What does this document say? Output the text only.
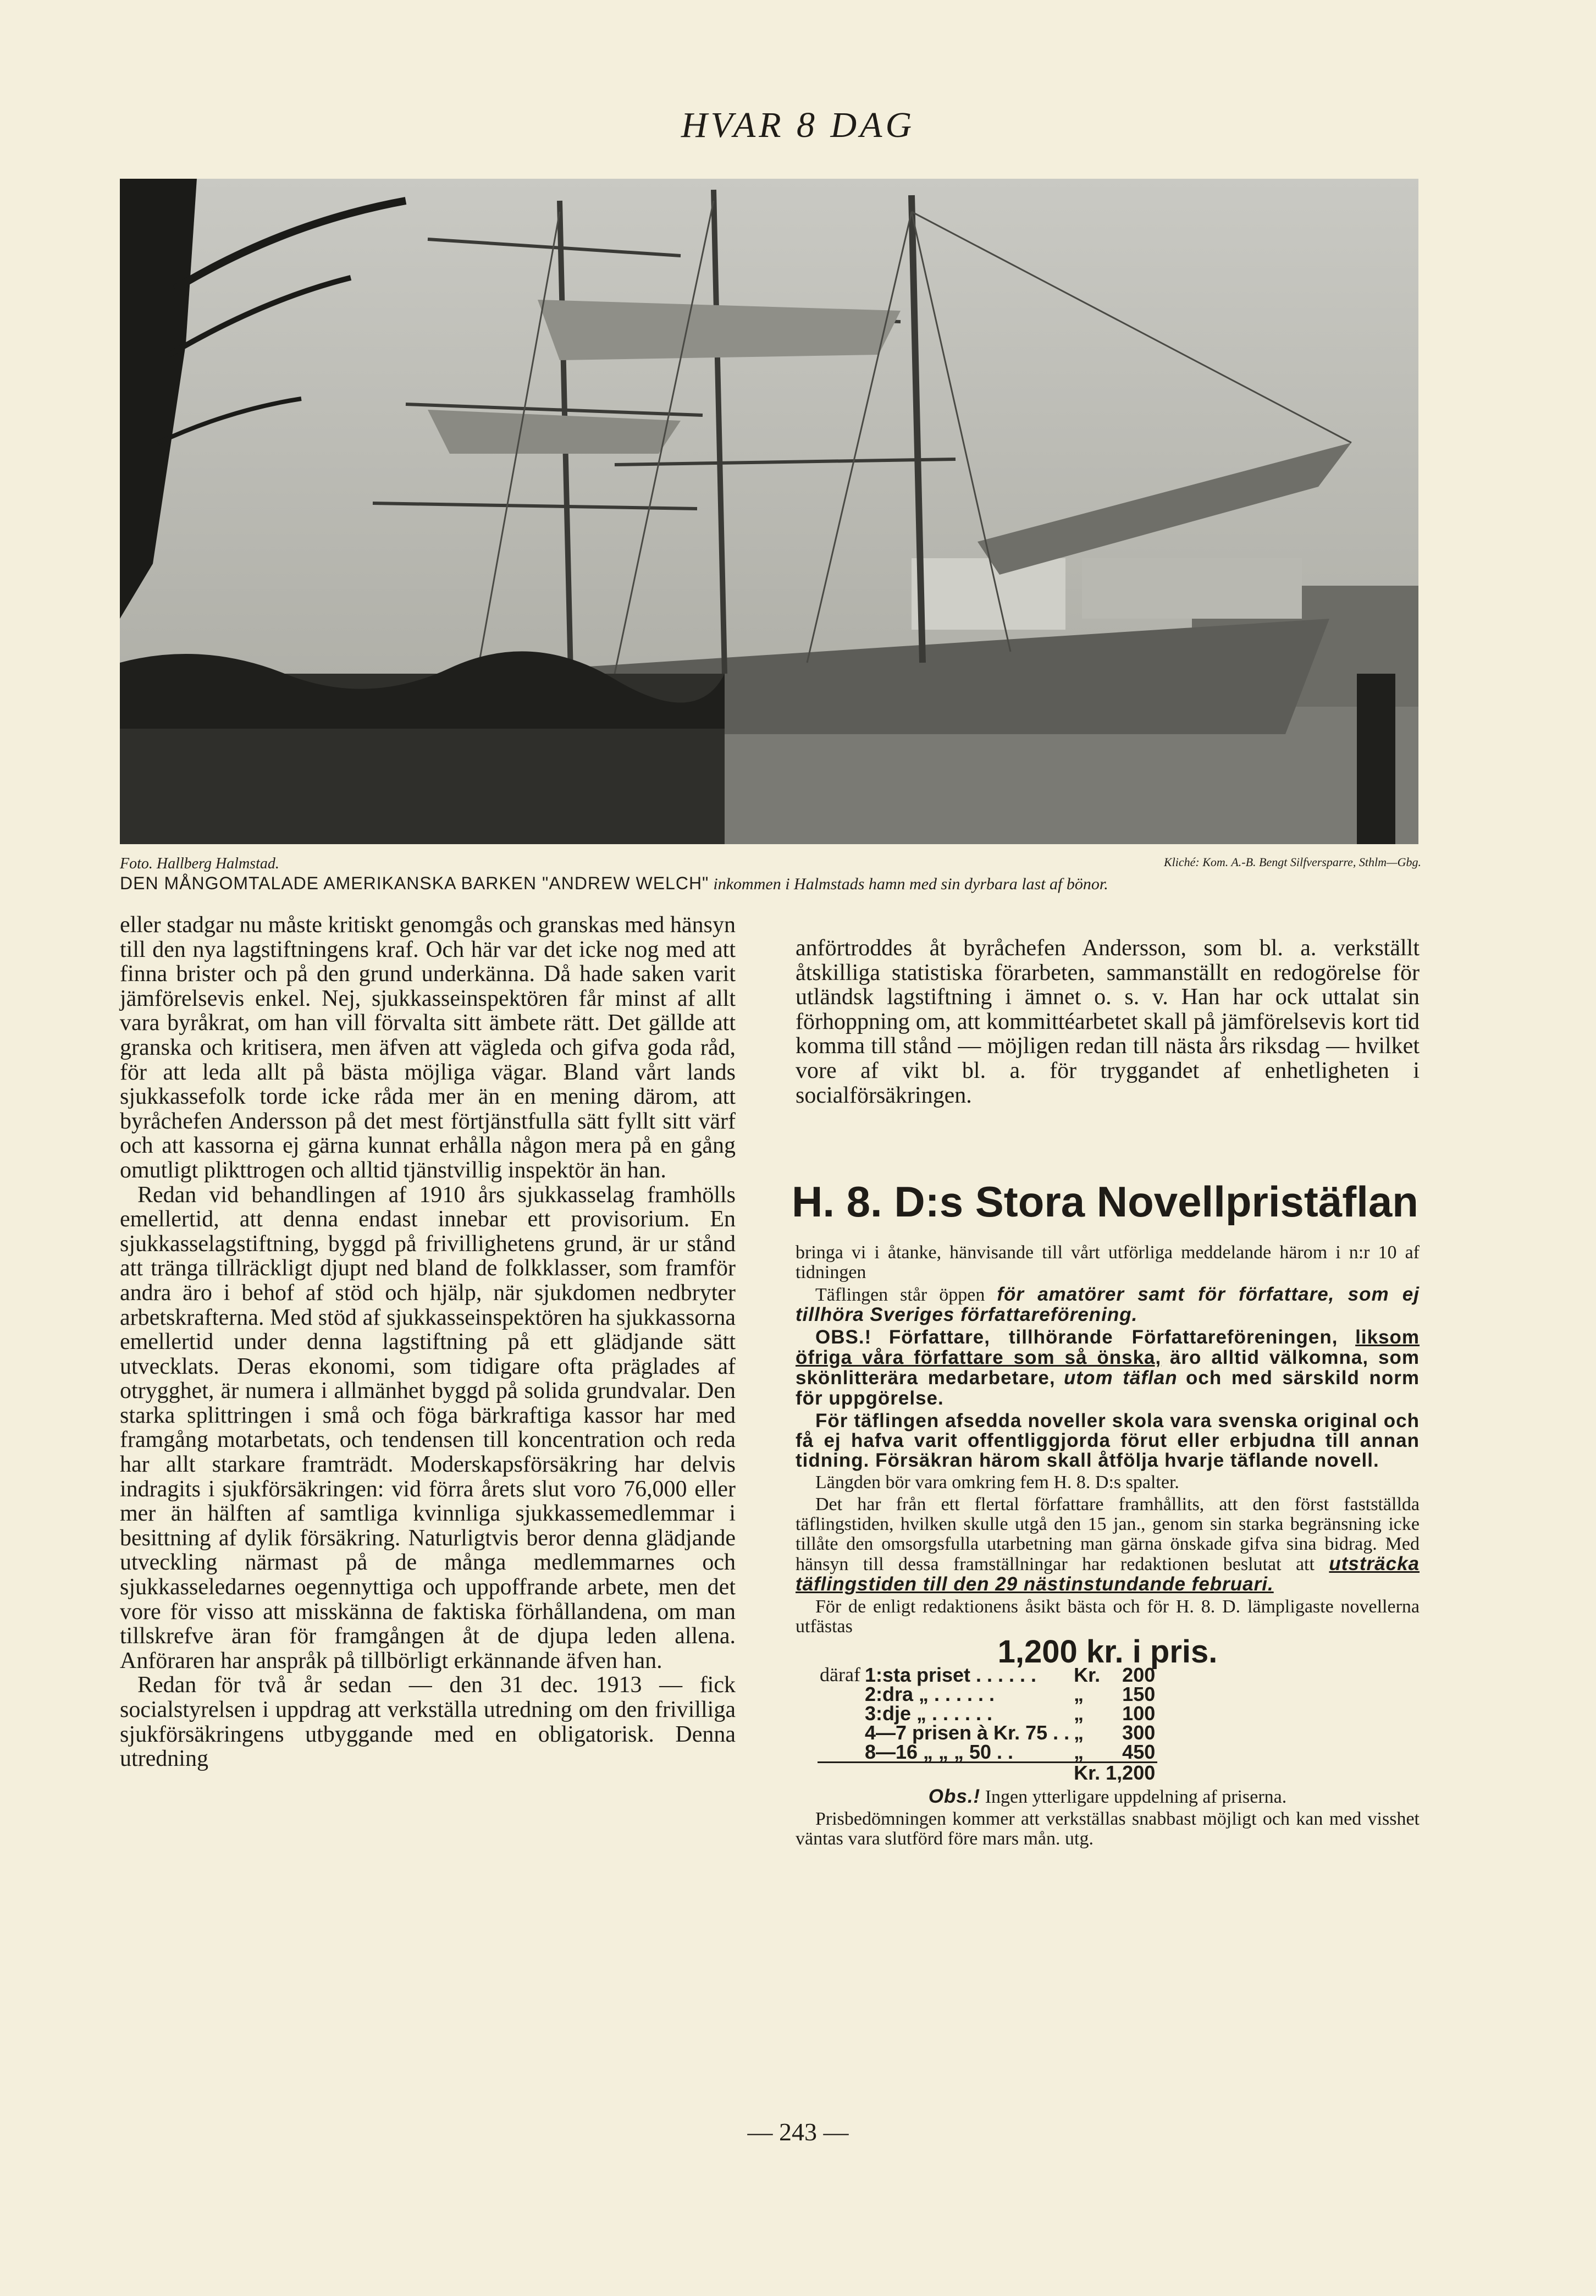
HVAR 8 DAG
Foto. Hallberg Halmstad.	Kliché: Kom. A.-B. Bengt Silfversparre, Sthlm—Gbg.
DEN MÅNGOMTALADE AMERIKANSKA BARKEN "ANDREW WELCH" inkommen i Halmstads hamn med sin dyrbara last af bönor.

eller stadgar nu måste kritiskt genomgås och granskas med hänsyn till den nya lagstiftningens kraf. Och här var det icke nog med att finna brister och på den grund underkänna. Då hade saken varit jämförelsevis enkel. Nej, sjukkasseinspektören får minst af allt vara byråkrat, om han vill förvalta sitt ämbete rätt. Det gällde att granska och kritisera, men äfven att vägleda och gifva goda råd, för att leda allt på bästa möjliga vägar. Bland vårt lands sjukkassefolk torde icke råda mer än en mening därom, att byråchefen Andersson på det mest förtjänstfulla sätt fyllt sitt värf och att kassorna ej gärna kunnat erhålla någon mera på en gång omutligt plikttrogen och alltid tjänstvillig inspektör än han.

Redan vid behandlingen af 1910 års sjukkasselag framhölls emellertid, att denna endast innebar ett provisorium. En sjukkasselagstiftning, byggd på frivillighetens grund, är ur stånd att tränga tillräckligt djupt ned bland de folkklasser, som framför andra äro i behof af stöd och hjälp, när sjukdomen nedbryter arbetskrafterna. Med stöd af sjukkasseinspektören ha sjukkassorna emellertid under denna lagstiftning på ett glädjande sätt utvecklats. Deras ekonomi, som tidigare ofta präglades af otrygghet, är numera i allmänhet byggd på solida grundvalar. Den starka splittringen i små och föga bärkraftiga kassor har med framgång motarbetats, och tendensen till koncentration och reda har allt starkare framträdt. Moderskapsförsäkring har delvis indragits i sjukförsäkringen: vid förra årets slut voro 76,000 eller mer än hälften af samtliga kvinnliga sjukkassemedlemmar i besittning af dylik försäkring. Naturligtvis beror denna glädjande utveckling närmast på de många medlemmarnes och sjukkasseledarnes oegennyttiga och uppoffrande arbete, men det vore för visso att misskänna de faktiska förhållandena, om man tillskrefve äran för framgången åt de djupa leden allena. Anföraren har anspråk på tillbörligt erkännande äfven han.

Redan för två år sedan — den 31 dec. 1913 — fick socialstyrelsen i uppdrag att verkställa utredning om den frivilliga sjukförsäkringens utbyggande med en obligatorisk. Denna utredning

anförtroddes åt byråchefen Andersson, som bl. a. verkställt åtskilliga statistiska förarbeten, sammanställt en redogörelse för utländsk lagstiftning i ämnet o. s. v. Han har ock uttalat sin förhoppning om, att kommittéarbetet skall på jämförelsevis kort tid komma till stånd — möjligen redan till nästa års riksdag — hvilket vore af vikt bl. a. för tryggandet af enhetligheten i socialförsäkringen.

H. 8. D:s Stora Novellpristäflan

bringa vi i åtanke, hänvisande till vårt utförliga meddelande härom i n:r 10 af tidningen

Täflingen står öppen för amatörer samt för författare, som ej tillhöra Sveriges författareförening.

OBS.! Författare, tillhörande Författareföreningen, liksom öfriga våra författare som så önska, äro alltid välkomna, som skönlitterära medarbetare, utom täflan och med särskild norm för uppgörelse.

För täflingen afsedda noveller skola vara svenska original och få ej hafva varit offentliggjorda förut eller erbjudna till annan tidning. Försäkran härom skall åtfölja hvarje täflande novell.

Längden bör vara omkring fem H. 8. D:s spalter.

Det har från ett flertal författare framhållits, att den först fastställda täflingstiden, hvilken skulle utgå den 15 jan., genom sin starka begränsning icke tillåte den omsorgsfulla utarbetning man gärna önskade gifva sina bidrag. Med hänsyn till dessa framställningar har redaktionen beslutat att utsträcka täflingstiden till den 29 nästinstundande februari.

För de enligt redaktionens åsikt bästa och för H. 8. D. lämpligaste novellerna utfästas

1,200 kr. i pris.
däraf	1:sta priset . . . . . .	Kr.	200
	2:dra „ . . . . . .	„	150
	3:dje „ . . . . . .	„	100
	4—7 prisen à Kr. 75 . .	„	300
	8—16 „ „ „ 50 . .	„	450
		Kr. 1,200	

Obs.! Ingen ytterligare uppdelning af priserna.

Prisbedömningen kommer att verkställas snabbast möjligt och kan med visshet väntas vara slutförd före mars mån. utg.

— 243 —
